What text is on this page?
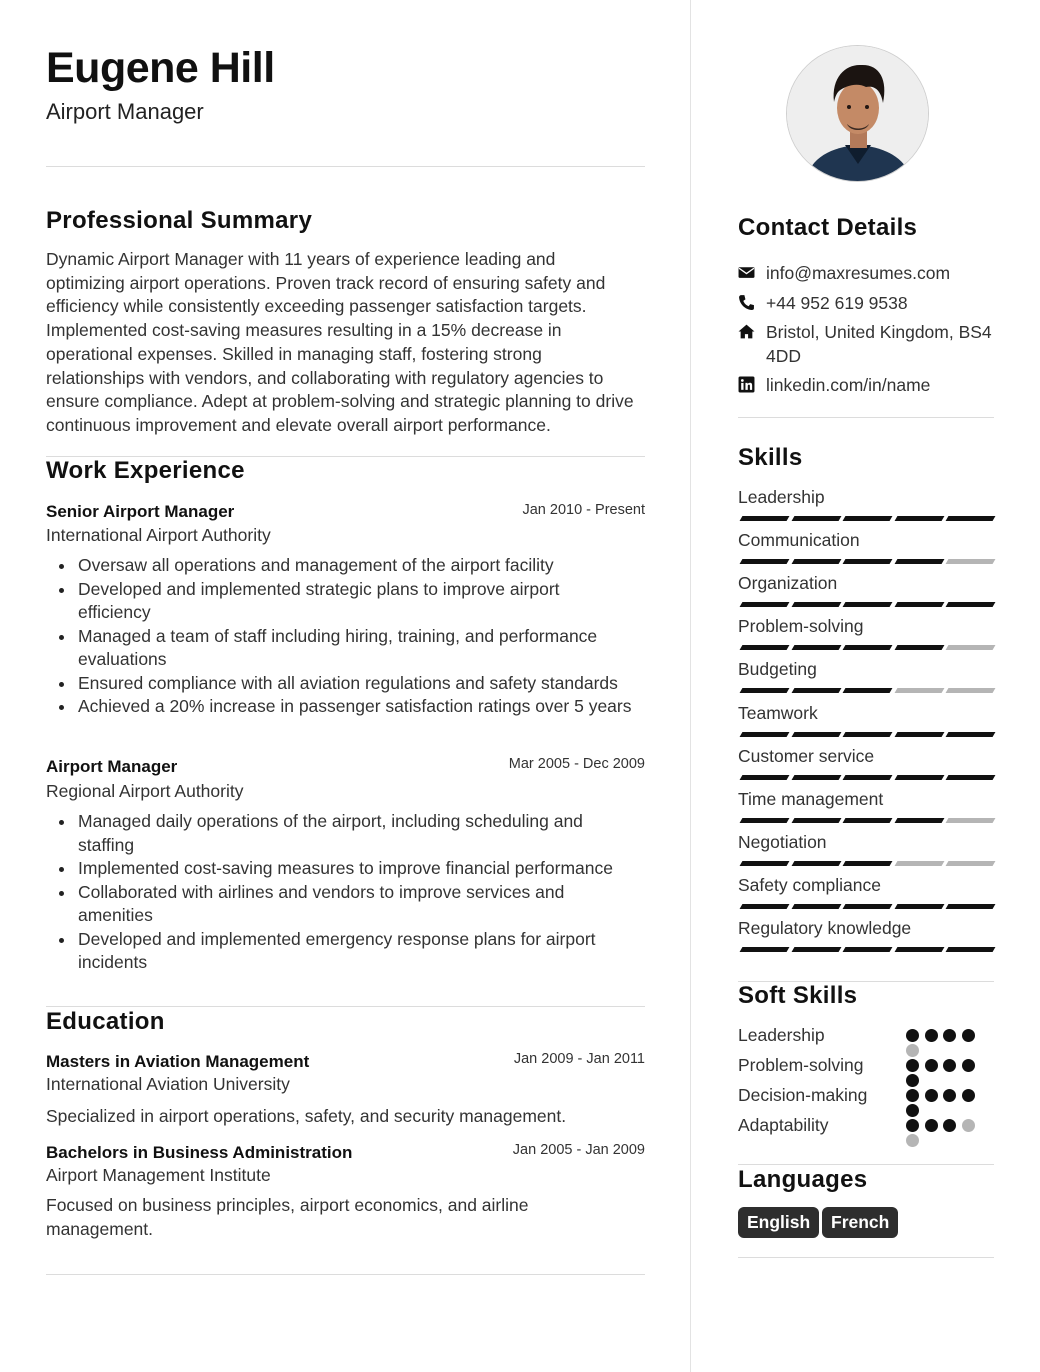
Eugene Hill
Airport Manager
Professional Summary
Dynamic Airport Manager with 11 years of experience leading and optimizing airport operations. Proven track record of ensuring safety and efficiency while consistently exceeding passenger satisfaction targets. Implemented cost-saving measures resulting in a 15% decrease in operational expenses. Skilled in managing staff, fostering strong relationships with vendors, and collaborating with regulatory agencies to ensure compliance. Adept at problem-solving and strategic planning to drive continuous improvement and elevate overall airport performance.
Work Experience
Senior Airport Manager	Jan 2010 - Present
International Airport Authority
Oversaw all operations and management of the airport facility
Developed and implemented strategic plans to improve airport efficiency
Managed a team of staff including hiring, training, and performance evaluations
Ensured compliance with all aviation regulations and safety standards
Achieved a 20% increase in passenger satisfaction ratings over 5 years
Airport Manager	Mar 2005 - Dec 2009
Regional Airport Authority
Managed daily operations of the airport, including scheduling and staffing
Implemented cost-saving measures to improve financial performance
Collaborated with airlines and vendors to improve services and amenities
Developed and implemented emergency response plans for airport incidents
Education
Masters in Aviation Management	Jan 2009 - Jan 2011
International Aviation University
Specialized in airport operations, safety, and security management.
Bachelors in Business Administration	Jan 2005 - Jan 2009
Airport Management Institute
Focused on business principles, airport economics, and airline management.
Contact Details
info@maxresumes.com
+44 952 619 9538
Bristol, United Kingdom, BS4 4DD
linkedin.com/in/name
Skills
Leadership
Communication
Organization
Problem-solving
Budgeting
Teamwork
Customer service
Time management
Negotiation
Safety compliance
Regulatory knowledge
Soft Skills
Leadership
Problem-solving
Decision-making
Adaptability
Languages
English	French
